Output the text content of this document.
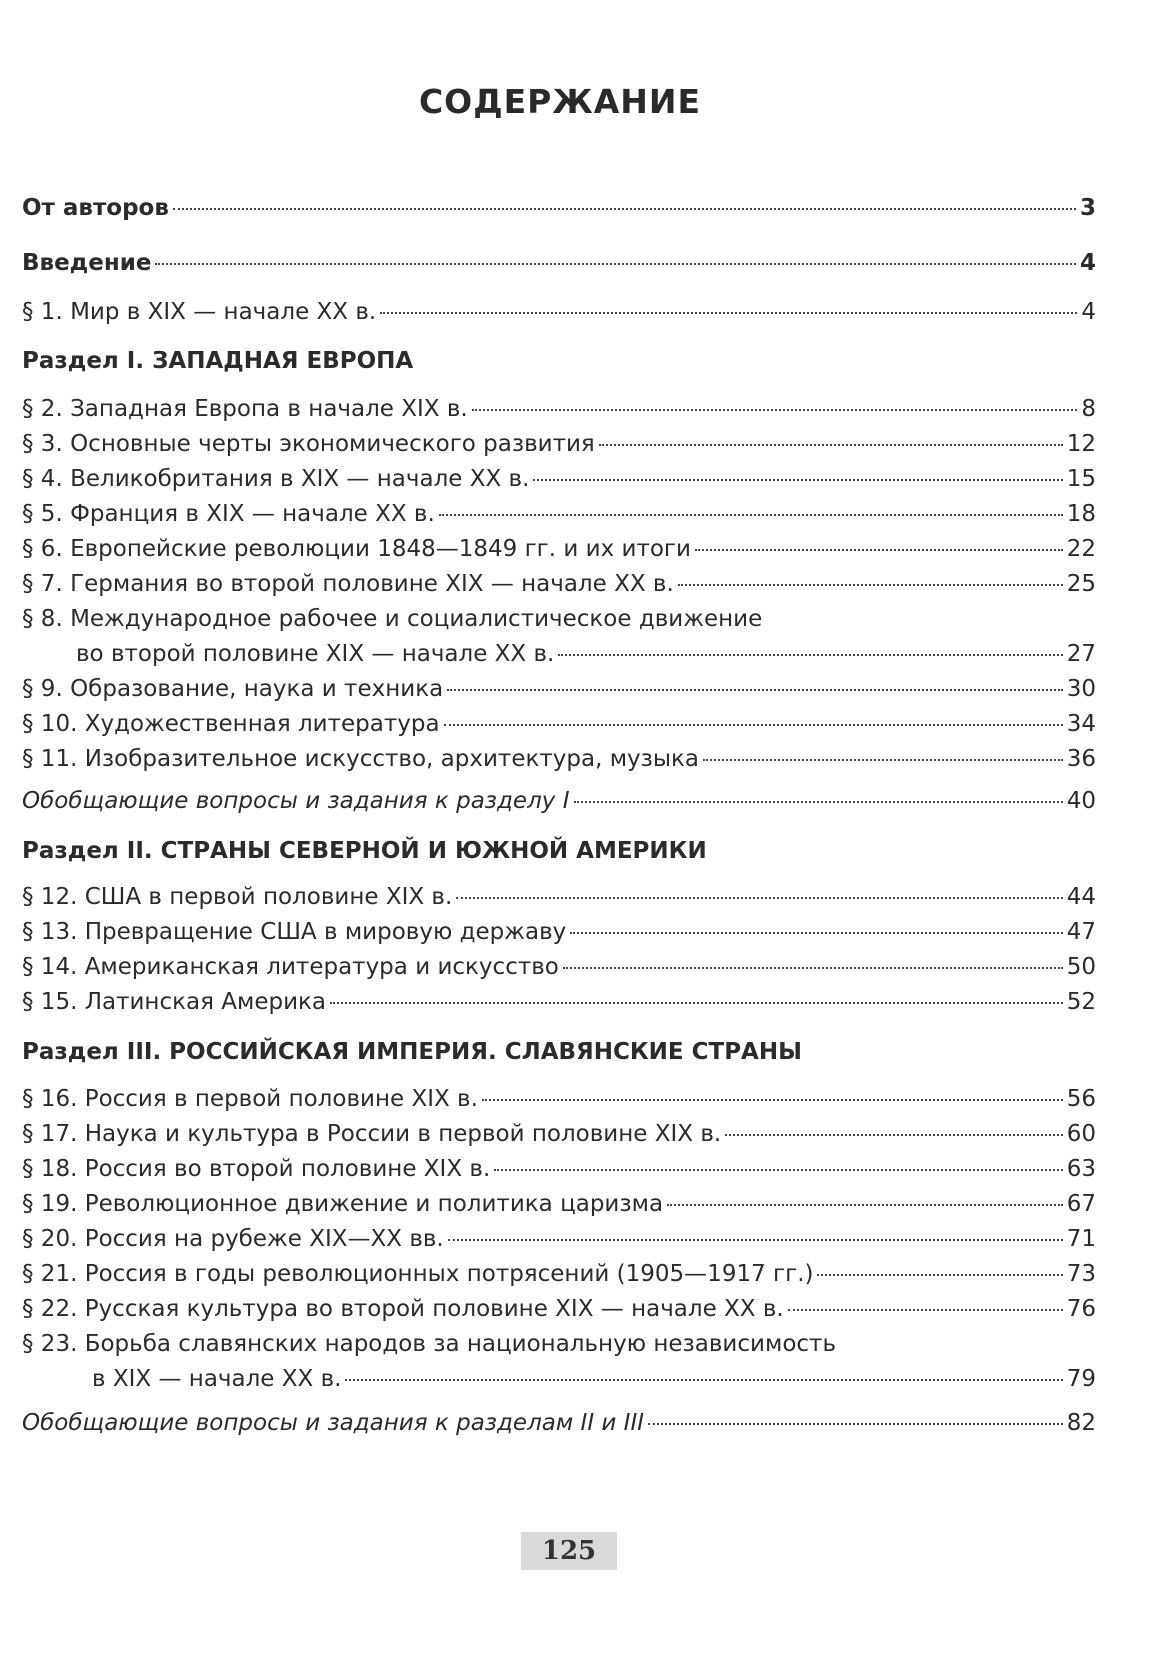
СОДЕРЖАНИЕ
От авторов	3
Введение	4
§ 1. Мир в XIX — начале XX в.	4
Раздел I. ЗАПАДНАЯ ЕВРОПА
§ 2. Западная Европа в начале XIX в.	8
§ 3. Основные черты экономического развития	12
§ 4. Великобритания в XIX — начале XX в.	15
§ 5. Франция в XIX — начале XX в.	18
§ 6. Европейские революции 1848—1849 гг. и их итоги	22
§ 7. Германия во второй половине XIX — начале XX в.	25
§ 8. Международное рабочее и социалистическое движение
во второй половине XIX — начале XX в.	27
§ 9. Образование, наука и техника	30
§ 10. Художественная литература	34
§ 11. Изобразительное искусство, архитектура, музыка	36
Обобщающие вопросы и задания к разделу I	40
Раздел II. СТРАНЫ СЕВЕРНОЙ И ЮЖНОЙ АМЕРИКИ
§ 12. США в первой половине XIX в.	44
§ 13. Превращение США в мировую державу	47
§ 14. Американская литература и искусство	50
§ 15. Латинская Америка	52
Раздел III. РОССИЙСКАЯ ИМПЕРИЯ. СЛАВЯНСКИЕ СТРАНЫ
§ 16. Россия в первой половине XIX в.	56
§ 17. Наука и культура в России в первой половине XIX в.	60
§ 18. Россия во второй половине XIX в.	63
§ 19. Революционное движение и политика царизма	67
§ 20. Россия на рубеже XIX—XX вв.	71
§ 21. Россия в годы революционных потрясений (1905—1917 гг.)	73
§ 22. Русская культура во второй половине XIX — начале XX в.	76
§ 23. Борьба славянских народов за национальную независимость
в XIX — начале XX в.	79
Обобщающие вопросы и задания к разделам II и III	82
125
